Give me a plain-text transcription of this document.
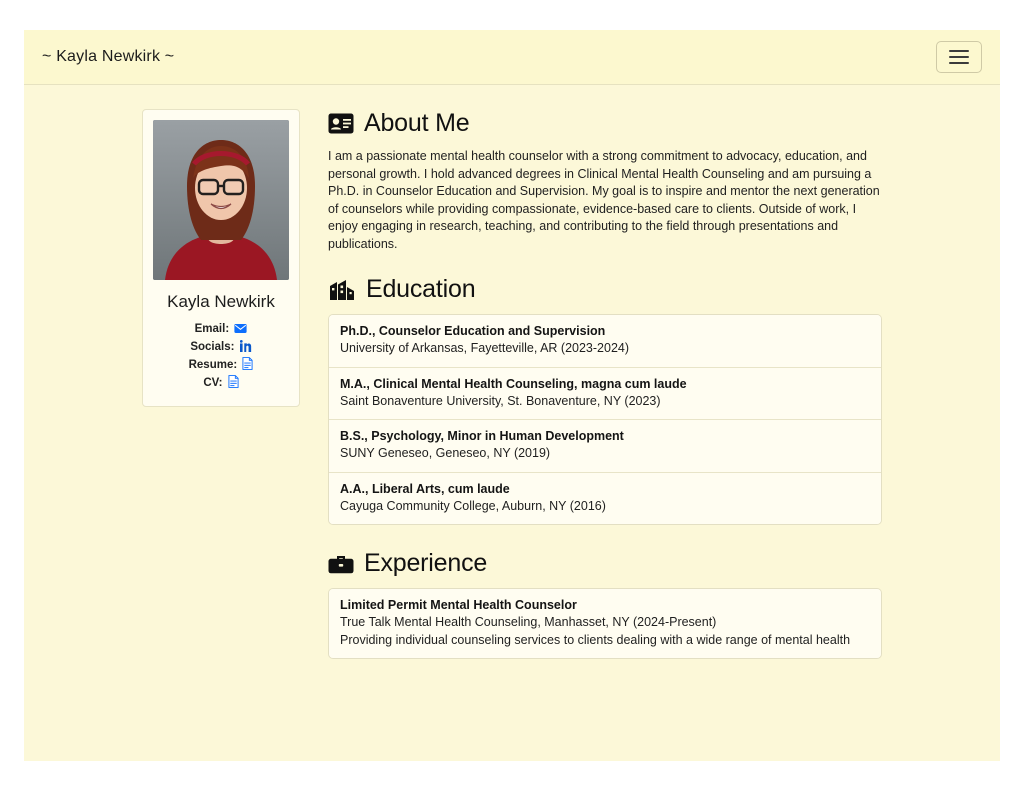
~ Kayla Newkirk ~
Kayla Newkirk
Email:
Socials:
Resume:
CV:
About Me

I am a passionate mental health counselor with a strong commitment to advocacy, education, and personal growth. I hold advanced degrees in Clinical Mental Health Counseling and am pursuing a Ph.D. in Counselor Education and Supervision. My goal is to inspire and mentor the next generation of counselors while providing compassionate, evidence-based care to clients. Outside of work, I enjoy engaging in research, teaching, and contributing to the field through presentations and publications.

Education
Ph.D., Counselor Education and Supervision
University of Arkansas, Fayetteville, AR (2023-2024)
M.A., Clinical Mental Health Counseling, magna cum laude
Saint Bonaventure University, St. Bonaventure, NY (2023)
B.S., Psychology, Minor in Human Development
SUNY Geneseo, Geneseo, NY (2019)
A.A., Liberal Arts, cum laude
Cayuga Community College, Auburn, NY (2016)
Experience
Limited Permit Mental Health Counselor
True Talk Mental Health Counseling, Manhasset, NY (2024-Present)
Providing individual counseling services to clients dealing with a wide range of mental health
